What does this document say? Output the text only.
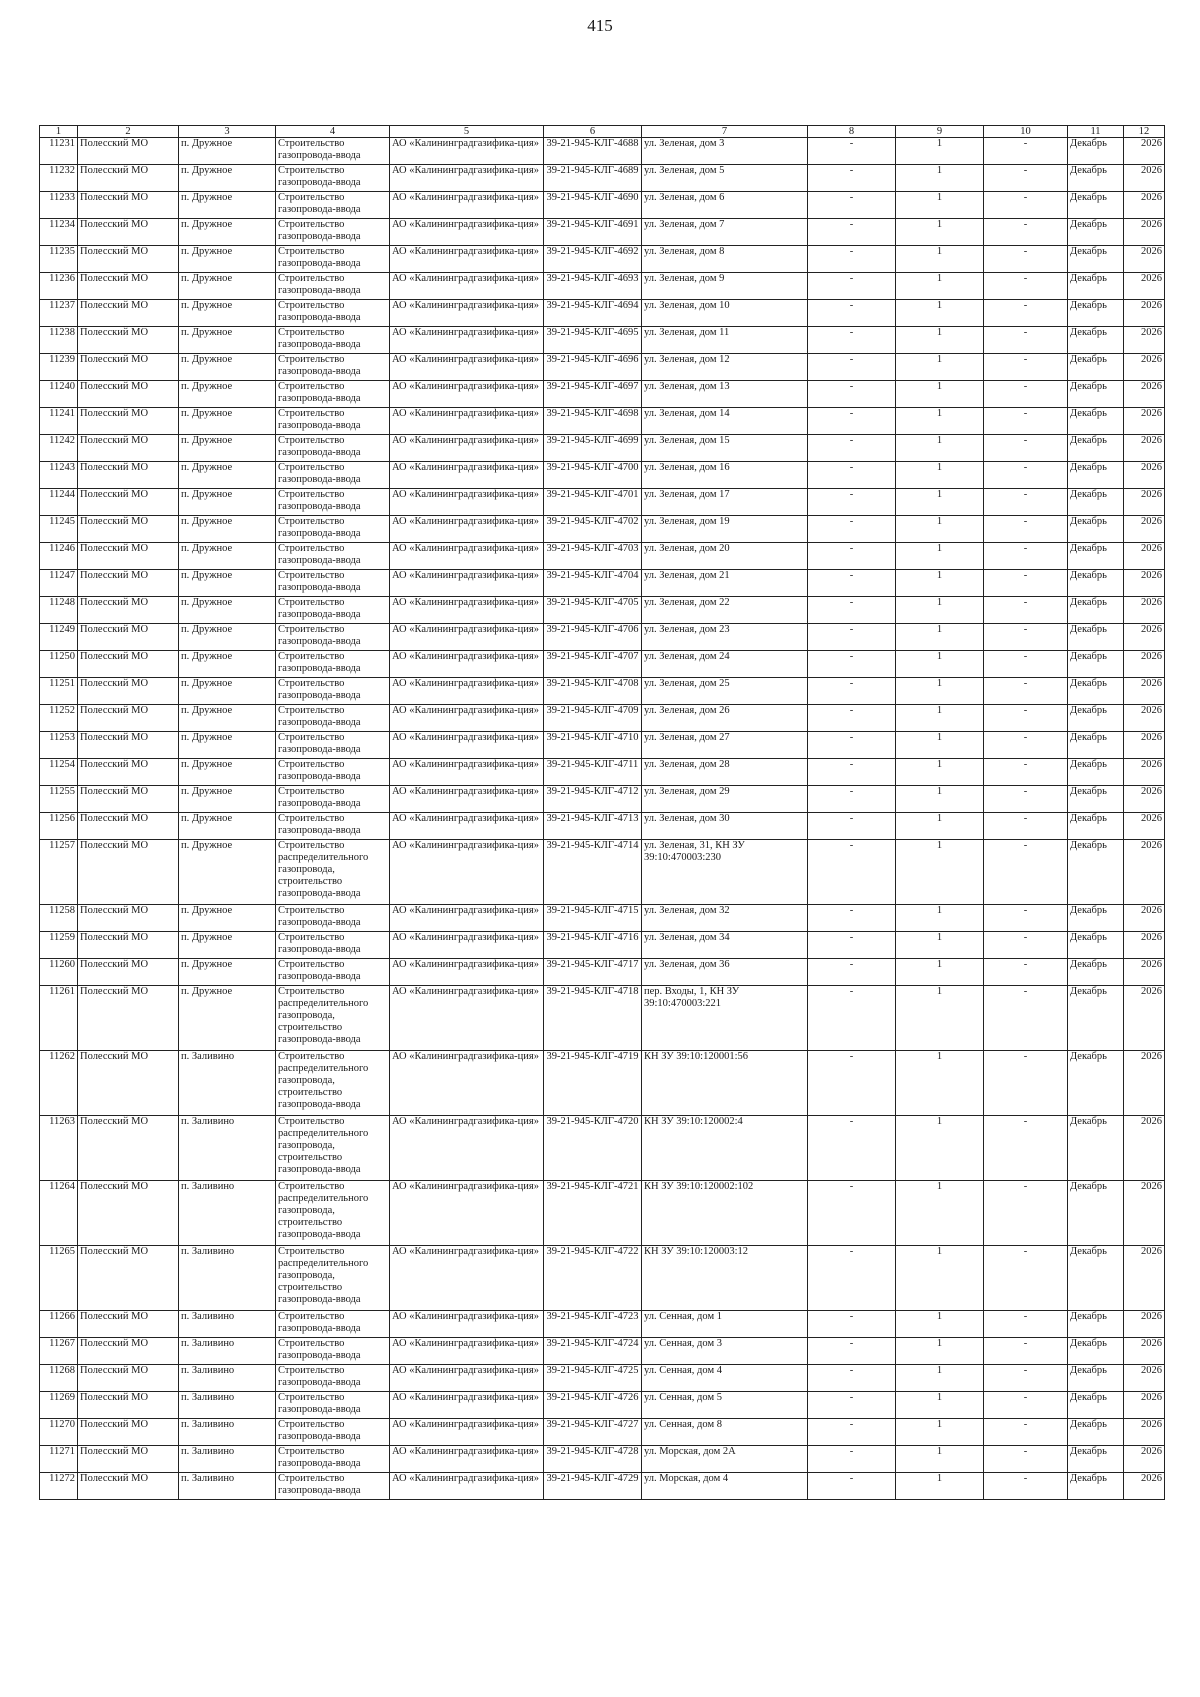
415
1	2	3	4	5	6	7	8	9	10	11	12
11231	Полесский МО	п. Дружное	Строительство газопровода-ввода	АО «Калининградгазифика-ция»	39-21-945-КЛГ-4688	ул. Зеленая, дом 3	-	1	-	Декабрь	2026
11232	Полесский МО	п. Дружное	Строительство газопровода-ввода	АО «Калининградгазифика-ция»	39-21-945-КЛГ-4689	ул. Зеленая, дом 5	-	1	-	Декабрь	2026
11233	Полесский МО	п. Дружное	Строительство газопровода-ввода	АО «Калининградгазифика-ция»	39-21-945-КЛГ-4690	ул. Зеленая, дом 6	-	1	-	Декабрь	2026
11234	Полесский МО	п. Дружное	Строительство газопровода-ввода	АО «Калининградгазифика-ция»	39-21-945-КЛГ-4691	ул. Зеленая, дом 7	-	1	-	Декабрь	2026
11235	Полесский МО	п. Дружное	Строительство газопровода-ввода	АО «Калининградгазифика-ция»	39-21-945-КЛГ-4692	ул. Зеленая, дом 8	-	1	-	Декабрь	2026
11236	Полесский МО	п. Дружное	Строительство газопровода-ввода	АО «Калининградгазифика-ция»	39-21-945-КЛГ-4693	ул. Зеленая, дом 9	-	1	-	Декабрь	2026
11237	Полесский МО	п. Дружное	Строительство газопровода-ввода	АО «Калининградгазифика-ция»	39-21-945-КЛГ-4694	ул. Зеленая, дом 10	-	1	-	Декабрь	2026
11238	Полесский МО	п. Дружное	Строительство газопровода-ввода	АО «Калининградгазифика-ция»	39-21-945-КЛГ-4695	ул. Зеленая, дом 11	-	1	-	Декабрь	2026
11239	Полесский МО	п. Дружное	Строительство газопровода-ввода	АО «Калининградгазифика-ция»	39-21-945-КЛГ-4696	ул. Зеленая, дом 12	-	1	-	Декабрь	2026
11240	Полесский МО	п. Дружное	Строительство газопровода-ввода	АО «Калининградгазифика-ция»	39-21-945-КЛГ-4697	ул. Зеленая, дом 13	-	1	-	Декабрь	2026
11241	Полесский МО	п. Дружное	Строительство газопровода-ввода	АО «Калининградгазифика-ция»	39-21-945-КЛГ-4698	ул. Зеленая, дом 14	-	1	-	Декабрь	2026
11242	Полесский МО	п. Дружное	Строительство газопровода-ввода	АО «Калининградгазифика-ция»	39-21-945-КЛГ-4699	ул. Зеленая, дом 15	-	1	-	Декабрь	2026
11243	Полесский МО	п. Дружное	Строительство газопровода-ввода	АО «Калининградгазифика-ция»	39-21-945-КЛГ-4700	ул. Зеленая, дом 16	-	1	-	Декабрь	2026
11244	Полесский МО	п. Дружное	Строительство газопровода-ввода	АО «Калининградгазифика-ция»	39-21-945-КЛГ-4701	ул. Зеленая, дом 17	-	1	-	Декабрь	2026
11245	Полесский МО	п. Дружное	Строительство газопровода-ввода	АО «Калининградгазифика-ция»	39-21-945-КЛГ-4702	ул. Зеленая, дом 19	-	1	-	Декабрь	2026
11246	Полесский МО	п. Дружное	Строительство газопровода-ввода	АО «Калининградгазифика-ция»	39-21-945-КЛГ-4703	ул. Зеленая, дом 20	-	1	-	Декабрь	2026
11247	Полесский МО	п. Дружное	Строительство газопровода-ввода	АО «Калининградгазифика-ция»	39-21-945-КЛГ-4704	ул. Зеленая, дом 21	-	1	-	Декабрь	2026
11248	Полесский МО	п. Дружное	Строительство газопровода-ввода	АО «Калининградгазифика-ция»	39-21-945-КЛГ-4705	ул. Зеленая, дом 22	-	1	-	Декабрь	2026
11249	Полесский МО	п. Дружное	Строительство газопровода-ввода	АО «Калининградгазифика-ция»	39-21-945-КЛГ-4706	ул. Зеленая, дом 23	-	1	-	Декабрь	2026
11250	Полесский МО	п. Дружное	Строительство газопровода-ввода	АО «Калининградгазифика-ция»	39-21-945-КЛГ-4707	ул. Зеленая, дом 24	-	1	-	Декабрь	2026
11251	Полесский МО	п. Дружное	Строительство газопровода-ввода	АО «Калининградгазифика-ция»	39-21-945-КЛГ-4708	ул. Зеленая, дом 25	-	1	-	Декабрь	2026
11252	Полесский МО	п. Дружное	Строительство газопровода-ввода	АО «Калининградгазифика-ция»	39-21-945-КЛГ-4709	ул. Зеленая, дом 26	-	1	-	Декабрь	2026
11253	Полесский МО	п. Дружное	Строительство газопровода-ввода	АО «Калининградгазифика-ция»	39-21-945-КЛГ-4710	ул. Зеленая, дом 27	-	1	-	Декабрь	2026
11254	Полесский МО	п. Дружное	Строительство газопровода-ввода	АО «Калининградгазифика-ция»	39-21-945-КЛГ-4711	ул. Зеленая, дом 28	-	1	-	Декабрь	2026
11255	Полесский МО	п. Дружное	Строительство газопровода-ввода	АО «Калининградгазифика-ция»	39-21-945-КЛГ-4712	ул. Зеленая, дом 29	-	1	-	Декабрь	2026
11256	Полесский МО	п. Дружное	Строительство газопровода-ввода	АО «Калининградгазифика-ция»	39-21-945-КЛГ-4713	ул. Зеленая, дом 30	-	1	-	Декабрь	2026
11257	Полесский МО	п. Дружное	Строительство распределительного газопровода, строительство газопровода-ввода	АО «Калининградгазифика-ция»	39-21-945-КЛГ-4714	ул. Зеленая, 31, КН ЗУ 39:10:470003:230	-	1	-	Декабрь	2026
11258	Полесский МО	п. Дружное	Строительство газопровода-ввода	АО «Калининградгазифика-ция»	39-21-945-КЛГ-4715	ул. Зеленая, дом 32	-	1	-	Декабрь	2026
11259	Полесский МО	п. Дружное	Строительство газопровода-ввода	АО «Калининградгазифика-ция»	39-21-945-КЛГ-4716	ул. Зеленая, дом 34	-	1	-	Декабрь	2026
11260	Полесский МО	п. Дружное	Строительство газопровода-ввода	АО «Калининградгазифика-ция»	39-21-945-КЛГ-4717	ул. Зеленая, дом 36	-	1	-	Декабрь	2026
11261	Полесский МО	п. Дружное	Строительство распределительного газопровода, строительство газопровода-ввода	АО «Калининградгазифика-ция»	39-21-945-КЛГ-4718	пер. Входы, 1, КН ЗУ 39:10:470003:221	-	1	-	Декабрь	2026
11262	Полесский МО	п. Заливино	Строительство распределительного газопровода, строительство газопровода-ввода	АО «Калининградгазифика-ция»	39-21-945-КЛГ-4719	КН ЗУ 39:10:120001:56	-	1	-	Декабрь	2026
11263	Полесский МО	п. Заливино	Строительство распределительного газопровода, строительство газопровода-ввода	АО «Калининградгазифика-ция»	39-21-945-КЛГ-4720	КН ЗУ 39:10:120002:4	-	1	-	Декабрь	2026
11264	Полесский МО	п. Заливино	Строительство распределительного газопровода, строительство газопровода-ввода	АО «Калининградгазифика-ция»	39-21-945-КЛГ-4721	КН ЗУ 39:10:120002:102	-	1	-	Декабрь	2026
11265	Полесский МО	п. Заливино	Строительство распределительного газопровода, строительство газопровода-ввода	АО «Калининградгазифика-ция»	39-21-945-КЛГ-4722	КН ЗУ 39:10:120003:12	-	1	-	Декабрь	2026
11266	Полесский МО	п. Заливино	Строительство газопровода-ввода	АО «Калининградгазифика-ция»	39-21-945-КЛГ-4723	ул. Сенная, дом 1	-	1	-	Декабрь	2026
11267	Полесский МО	п. Заливино	Строительство газопровода-ввода	АО «Калининградгазифика-ция»	39-21-945-КЛГ-4724	ул. Сенная, дом 3	-	1	-	Декабрь	2026
11268	Полесский МО	п. Заливино	Строительство газопровода-ввода	АО «Калининградгазифика-ция»	39-21-945-КЛГ-4725	ул. Сенная, дом 4	-	1	-	Декабрь	2026
11269	Полесский МО	п. Заливино	Строительство газопровода-ввода	АО «Калининградгазифика-ция»	39-21-945-КЛГ-4726	ул. Сенная, дом 5	-	1	-	Декабрь	2026
11270	Полесский МО	п. Заливино	Строительство газопровода-ввода	АО «Калининградгазифика-ция»	39-21-945-КЛГ-4727	ул. Сенная, дом 8	-	1	-	Декабрь	2026
11271	Полесский МО	п. Заливино	Строительство газопровода-ввода	АО «Калининградгазифика-ция»	39-21-945-КЛГ-4728	ул. Морская, дом 2А	-	1	-	Декабрь	2026
11272	Полесский МО	п. Заливино	Строительство газопровода-ввода	АО «Калининградгазифика-ция»	39-21-945-КЛГ-4729	ул. Морская, дом 4	-	1	-	Декабрь	2026
